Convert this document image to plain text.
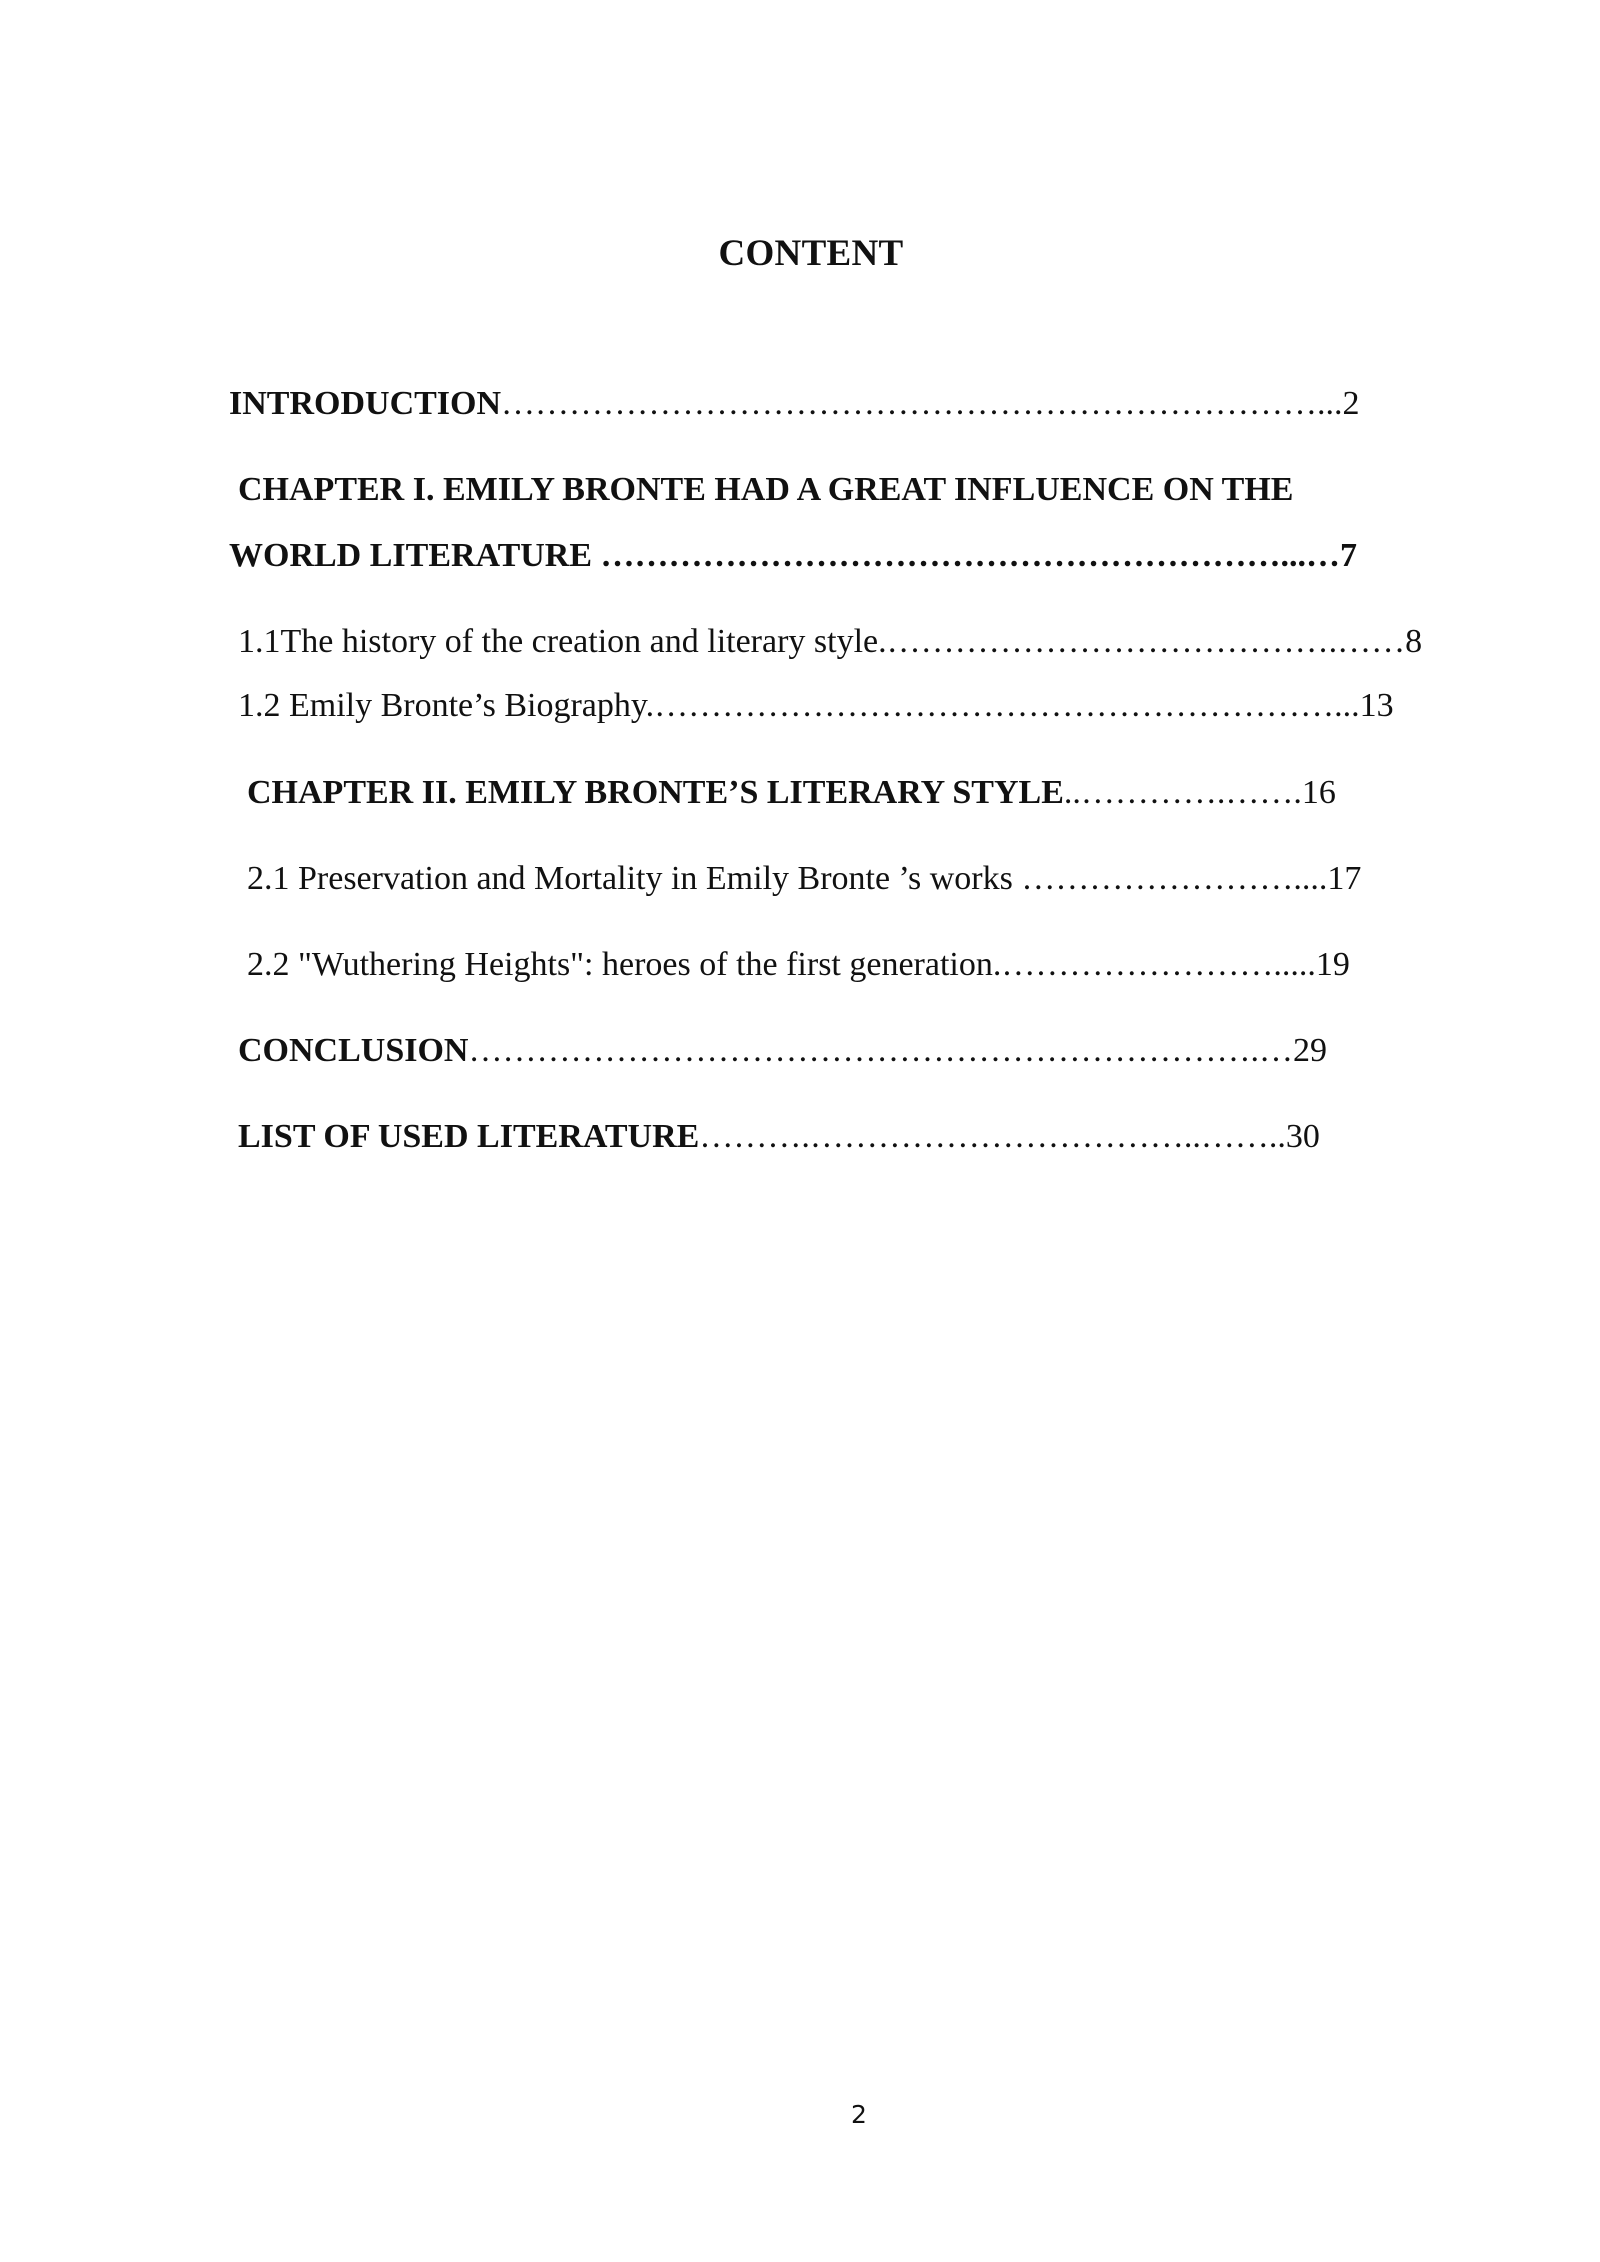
CONTENT
INTRODUCTION………………………………………………………………...2
CHAPTER I. EMILY BRONTE HAD A GREAT INFLUENCE ON THE
WORLD LITERATURE ……………………………………………………...…7
1.1The history of the creation and literary style.………………………………….……8
1.2 Emily Bronte’s Biography.……………………………………………………...13
CHAPTER II. EMILY BRONTE’S LITERARY STYLE..………….…….16
2.1 Preservation and Mortality in Emily Bronte ’s works ……………………....17
2.2 "Wuthering Heights": heroes of the first generation.…………………….....19
CONCLUSION…………………………………………………………….…29
LIST OF USED LITERATURE……….……………………………..……..30
2
